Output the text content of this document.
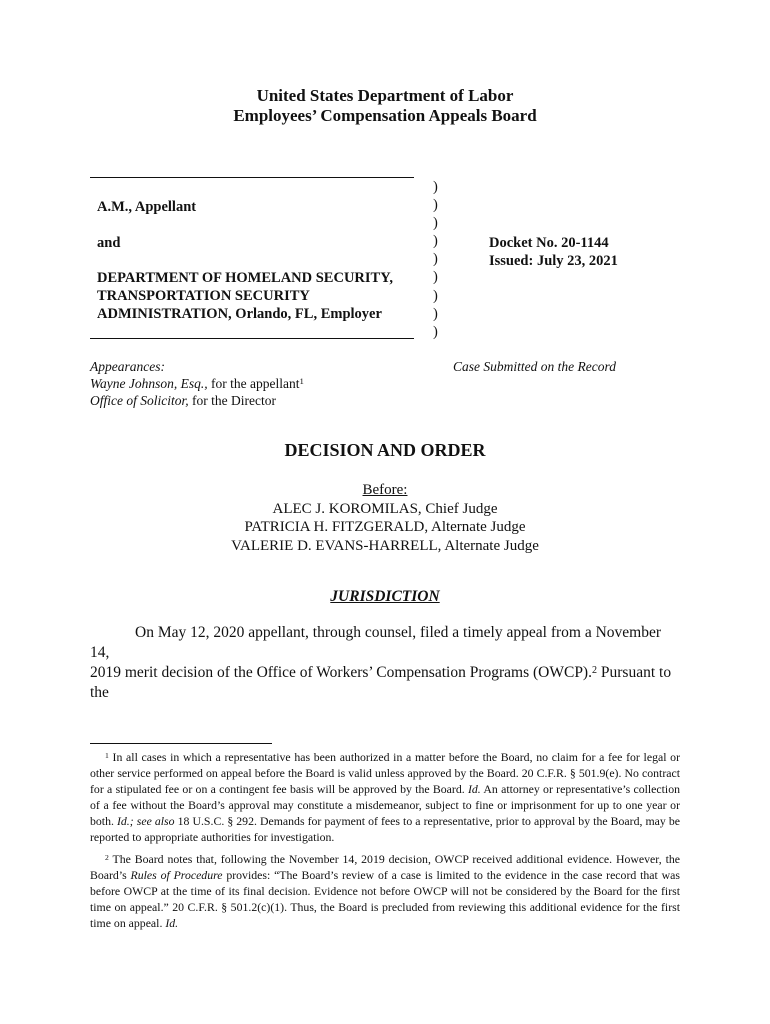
United States Department of Labor
Employees’ Compensation Appeals Board
)
)
)
)
)
)
)
)
)
A.M., Appellant
and
DEPARTMENT OF HOMELAND SECURITY,
TRANSPORTATION SECURITY
ADMINISTRATION, Orlando, FL, Employer
Docket No. 20-1144
Issued: July 23, 2021
Appearances:
Wayne Johnson, Esq., for the appellant$^1$
Office of Solicitor, for the Director
Case Submitted on the Record
DECISION AND ORDER
Before:
ALEC J. KOROMILAS, Chief Judge
PATRICIA H. FITZGERALD, Alternate Judge
VALERIE D. EVANS-HARRELL, Alternate Judge
JURISDICTION
On May 12, 2020 appellant, through counsel, filed a timely appeal from a November 14,
2019 merit decision of the Office of Workers’ Compensation Programs (OWCP).$^2$ Pursuant to the
$^1$ In all cases in which a representative has been authorized in a matter before the Board, no claim for a fee for legal or other service performed on appeal before the Board is valid unless approved by the Board. 20 C.F.R. § 501.9(e). No contract for a stipulated fee or on a contingent fee basis will be approved by the Board. Id. An attorney or representative’s collection of a fee without the Board’s approval may constitute a misdemeanor, subject to fine or imprisonment for up to one year or both. Id.; see also 18 U.S.C. § 292. Demands for payment of fees to a representative, prior to approval by the Board, may be reported to appropriate authorities for investigation.
$^2$ The Board notes that, following the November 14, 2019 decision, OWCP received additional evidence. However, the Board’s Rules of Procedure provides: “The Board’s review of a case is limited to the evidence in the case record that was before OWCP at the time of its final decision. Evidence not before OWCP will not be considered by the Board for the first time on appeal.” 20 C.F.R. § 501.2(c)(1). Thus, the Board is precluded from reviewing this additional evidence for the first time on appeal. Id.
